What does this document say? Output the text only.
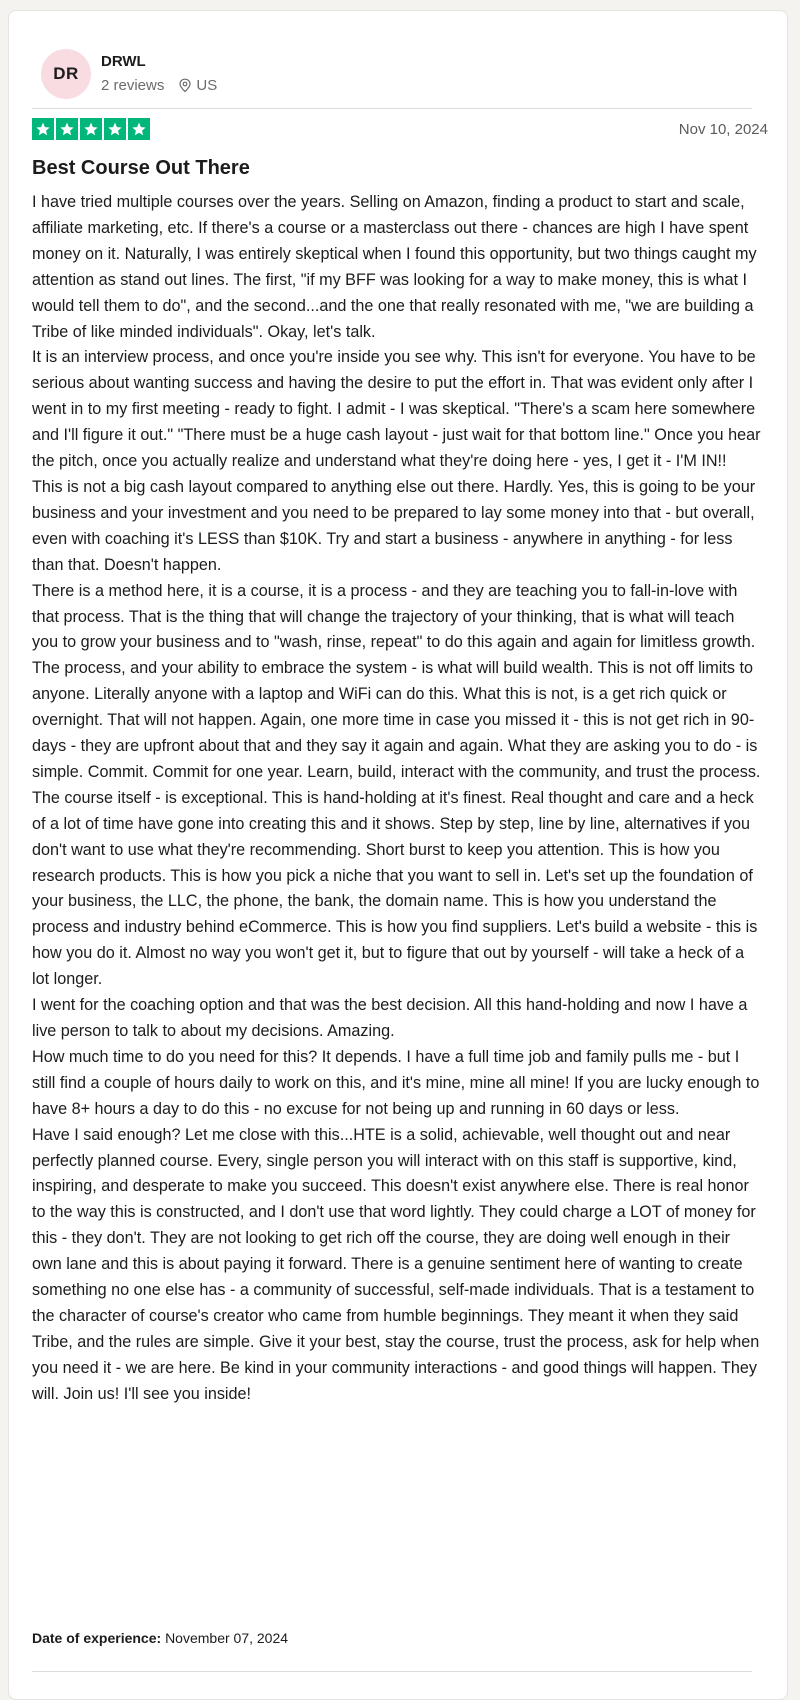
DR
DRWL
2 reviews US
Nov 10, 2024
Best Course Out There

I have tried multiple courses over the years. Selling on Amazon, finding a product to start and scale, affiliate marketing, etc. If there's a course or a masterclass out there - chances are high I have spent money on it. Naturally, I was entirely skeptical when I found this opportunity, but two things caught my attention as stand out lines. The first, "if my BFF was looking for a way to make money, this is what I would tell them to do", and the second...and the one that really resonated with me, "we are building a Tribe of like minded individuals". Okay, let's talk.

It is an interview process, and once you're inside you see why. This isn't for everyone. You have to be serious about wanting success and having the desire to put the effort in. That was evident only after I went in to my first meeting - ready to fight. I admit - I was skeptical. "There's a scam here somewhere and I'll figure it out." "There must be a huge cash layout - just wait for that bottom line." Once you hear the pitch, once you actually realize and understand what they're doing here - yes, I get it - I'M IN!!

This is not a big cash layout compared to anything else out there. Hardly. Yes, this is going to be your business and your investment and you need to be prepared to lay some money into that - but overall, even with coaching it's LESS than $10K. Try and start a business - anywhere in anything - for less than that. Doesn't happen.

There is a method here, it is a course, it is a process - and they are teaching you to fall-in-love with that process. That is the thing that will change the trajectory of your thinking, that is what will teach you to grow your business and to "wash, rinse, repeat" to do this again and again for limitless growth. The process, and your ability to embrace the system - is what will build wealth. This is not off limits to anyone. Literally anyone with a laptop and WiFi can do this. What this is not, is a get rich quick or overnight. That will not happen. Again, one more time in case you missed it - this is not get rich in 90-days - they are upfront about that and they say it again and again. What they are asking you to do - is simple. Commit. Commit for one year. Learn, build, interact with the community, and trust the process.

The course itself - is exceptional. This is hand-holding at it's finest. Real thought and care and a heck of a lot of time have gone into creating this and it shows. Step by step, line by line, alternatives if you don't want to use what they're recommending. Short burst to keep you attention. This is how you research products. This is how you pick a niche that you want to sell in. Let's set up the foundation of your business, the LLC, the phone, the bank, the domain name. This is how you understand the process and industry behind eCommerce. This is how you find suppliers. Let's build a website - this is how you do it. Almost no way you won't get it, but to figure that out by yourself - will take a heck of a lot longer.

I went for the coaching option and that was the best decision. All this hand-holding and now I have a live person to talk to about my decisions. Amazing.

How much time to do you need for this? It depends. I have a full time job and family pulls me - but I still find a couple of hours daily to work on this, and it's mine, mine all mine! If you are lucky enough to have 8+ hours a day to do this - no excuse for not being up and running in 60 days or less.

Have I said enough? Let me close with this...HTE is a solid, achievable, well thought out and near perfectly planned course. Every, single person you will interact with on this staff is supportive, kind, inspiring, and desperate to make you succeed. This doesn't exist anywhere else. There is real honor to the way this is constructed, and I don't use that word lightly. They could charge a LOT of money for this - they don't. They are not looking to get rich off the course, they are doing well enough in their own lane and this is about paying it forward. There is a genuine sentiment here of wanting to create something no one else has - a community of successful, self-made individuals. That is a testament to the character of course's creator who came from humble beginnings. They meant it when they said Tribe, and the rules are simple. Give it your best, stay the course, trust the process, ask for help when you need it - we are here. Be kind in your community interactions - and good things will happen. They will. Join us! I'll see you inside!

Date of experience: November 07, 2024
